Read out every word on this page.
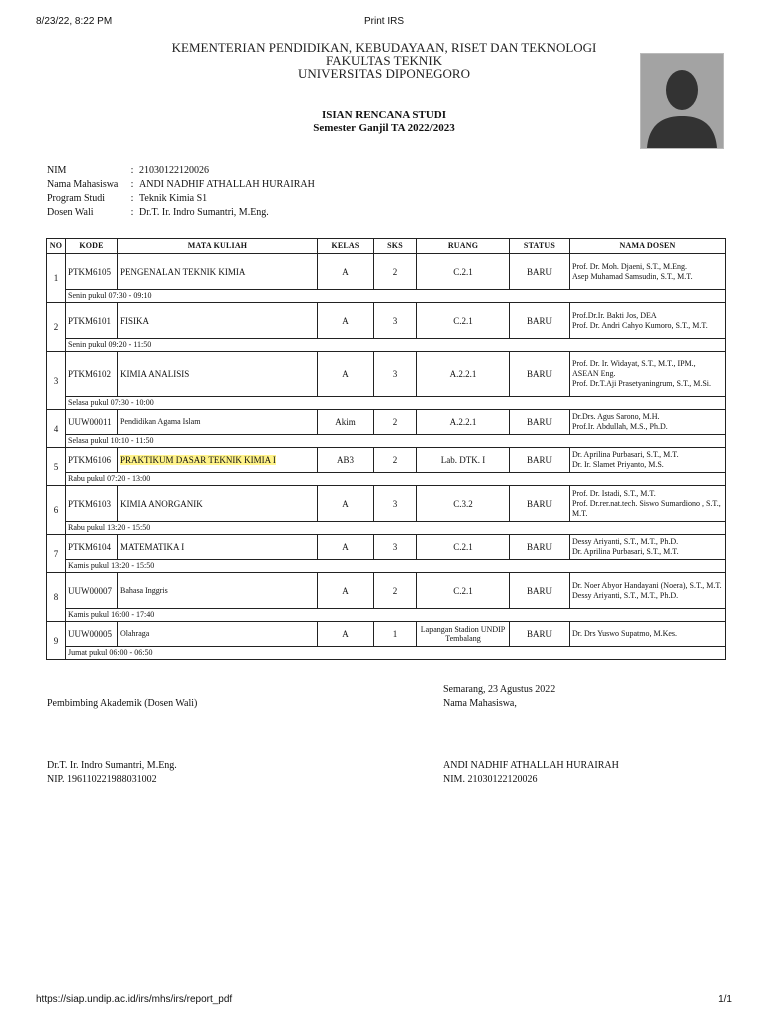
8/23/22, 8:22 PM	Print IRS
KEMENTERIAN PENDIDIKAN, KEBUDAYAAN, RISET DAN TEKNOLOGI
FAKULTAS TEKNIK
UNIVERSITAS DIPONEGORO
ISIAN RENCANA STUDI
Semester Ganjil TA 2022/2023
NIM	: 21030122120026
Nama Mahasiswa	: ANDI NADHIF ATHALLAH HURAIRAH
Program Studi	: Teknik Kimia S1
Dosen Wali	: Dr.T. Ir. Indro Sumantri, M.Eng.
NO	KODE	MATA KULIAH	KELAS	SKS	RUANG	STATUS	NAMA DOSEN
1	PTKM6105	PENGENALAN TEKNIK KIMIA	A	2	C.2.1	BARU	Prof. Dr. Moh. Djaeni, S.T., M.Eng.
Asep Muhamad Samsudin, S.T., M.T.

	Senin pukul 07:30 - 09:10						
2	PTKM6101	FISIKA	A	3	C.2.1	BARU	Prof.Dr.Ir. Bakti Jos, DEA
Prof. Dr. Andri Cahyo Kumoro, S.T., M.T.

	Senin pukul 09:20 - 11:50						
3	PTKM6102	KIMIA ANALISIS	A	3	A.2.2.1	BARU	Prof. Dr. Ir. Widayat, S.T., M.T., IPM., ASEAN Eng.
Prof. Dr.T.Aji Prasetyaningrum, S.T., M.Si.

	Selasa pukul 07:30 - 10:00						
4	UUW00011	Pendidikan Agama Islam	Akim	2	A.2.2.1	BARU	Dr.Drs. Agus Sarono, M.H.
Prof.Ir. Abdullah, M.S., Ph.D.

	Selasa pukul 10:10 - 11:50						
5	PTKM6106	PRAKTIKUM DASAR TEKNIK KIMIA I	AB3	2	Lab. DTK. I	BARU	Dr. Aprilina Purbasari, S.T., M.T.
Dr. Ir. Slamet Priyanto, M.S.

	Rabu pukul 07:20 - 13:00						
6	PTKM6103	KIMIA ANORGANIK	A	3	C.3.2	BARU	Prof. Dr. Istadi, S.T., M.T.
Prof. Dr.rer.nat.tech. Siswo Sumardiono , S.T., M.T.

	Rabu pukul 13:20 - 15:50						
7	PTKM6104	MATEMATIKA I	A	3	C.2.1	BARU	Dessy Ariyanti, S.T., M.T., Ph.D.
Dr. Aprilina Purbasari, S.T., M.T.

	Kamis pukul 13:20 - 15:50						
8	UUW00007	Bahasa Inggris	A	2	C.2.1	BARU	Dr. Noer Abyor Handayani (Noera), S.T., M.T.
Dessy Ariyanti, S.T., M.T., Ph.D.

	Kamis pukul 16:00 - 17:40						
9	UUW00005	Olahraga	A	1	Lapangan Stadion UNDIP Tembalang	BARU	Dr. Drs Yuswo Supatmo, M.Kes.

	Jumat pukul 06:00 - 06:50						
Semarang, 23 Agustus 2022
Pembimbing Akademik (Dosen Wali)	Nama Mahasiswa,
Dr.T. Ir. Indro Sumantri, M.Eng.
NIP. 196110221988031002
ANDI NADHIF ATHALLAH HURAIRAH
NIM. 21030122120026
https://siap.undip.ac.id/irs/mhs/irs/report_pdf	1/1
